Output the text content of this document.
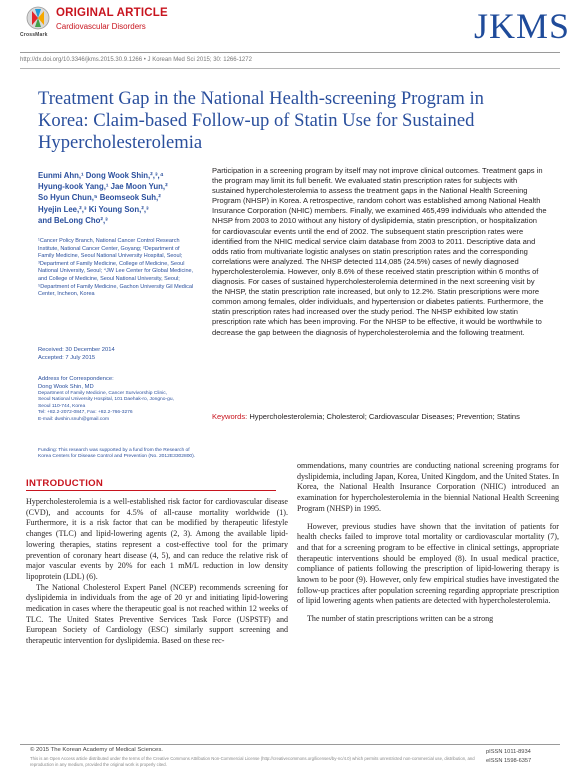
CrossMark
ORIGINAL ARTICLE
Cardiovascular Disorders	JKMS
http://dx.doi.org/10.3346/jkms.2015.30.9.1266 • J Korean Med Sci 2015; 30: 1266-1272
Treatment Gap in the National Health-screening Program in Korea: Claim-based Follow-up of Statin Use for Sustained Hypercholesterolemia
Eunmi Ahn,¹ Dong Wook Shin,²,³,⁴
Hyung-kook Yang,¹ Jae Moon Yun,²
So Hyun Chun,⁵ Beomseok Suh,²
Hyejin Lee,²,³ Ki Young Son,²,³
and BeLong Cho²,³
¹Cancer Policy Branch, National Cancer Control Research Institute, National Cancer Center, Goyang; ²Department of Family Medicine, Seoul National University Hospital, Seoul; ³Department of Family Medicine, College of Medicine, Seoul National University, Seoul; ⁴JW Lee Center for Global Medicine, and College of Medicine, Seoul National University, Seoul; ⁵Department of Family Medicine, Gachon University Gil Medical Center, Incheon, Korea
Received: 30 December 2014
Accepted: 7 July 2015
Address for Correspondence:
Dong Wook Shin, MD
Department of Family Medicine, Cancer Survivorship Clinic,
Seoul National University Hospital, 101 Daehak-ro, Jongno-gu,
Seoul 110-744, Korea
Tel: +82.2-2072-0847, Fax: +82.2-766-3276
E-mail: dwshin.snuh@gmail.com
Funding: This research was supported by a fund from the Research of Korea Centers for Disease Control and Prevention (No. 2012E3302800).
Participation in a screening program by itself may not improve clinical outcomes. Treatment gaps in the program may limit its full benefit. We evaluated statin prescription rates for subjects with sustained hypercholesterolemia to assess the treatment gaps in the National Health Screening Program (NHSP) in Korea. A retrospective, random cohort was established among National Health Insurance Corporation (NHIC) members. Finally, we examined 465,499 individuals who attended the NHSP from 2003 to 2010 without any history of dyslipidemia, statin prescription, or hospitalization for cardiovascular events until the end of 2002. The subsequent statin prescription rates were identified from the NHIC medical service claim database from 2003 to 2011. Descriptive data and odds ratio from multivariate logistic analyses on statin prescription rates and the corresponding correlations were analyzed. The NHSP detected 114,085 (24.5%) cases of newly diagnosed hypercholesterolemia. However, only 8.6% of these received statin prescription within 6 months of diagnosis. For cases of sustained hypercholesterolemia determined in the next screening visit by the NHSP, the statin prescription rate increased, but only to 12.2%. Statin prescriptions were more common among females, older individuals, and hypertension or diabetes patients. Furthermore, the statin prescription rates had increased over the study period. The NHSP exhibited low statin prescription rate which has been improving. For the NHSP to be effective, it would be worthwhile to decrease the gap between the diagnosis of hypercholesterolemia and the following treatment.
Keywords: Hypercholesterolemia; Cholesterol; Cardiovascular Diseases; Prevention; Statins
INTRODUCTION

Hypercholesterolemia is a well-established risk factor for cardiovascular disease (CVD), and accounts for 4.5% of all-cause mortality worldwide (1). Furthermore, it is a risk factor that can be modified by therapeutic lifestyle changes (TLC) and lipid-lowering agents (2, 3). Among the available lipid-lowering therapies, statins represent a cost-effective tool for the primary prevention of coronary heart disease (4, 5), and can reduce the relative risk of major vascular events by 20% for each 1 mM/L reduction in low density lipoprotein (LDL) (6).

The National Cholesterol Expert Panel (NCEP) recommends screening for dyslipidemia in individuals from the age of 20 yr and initiating lipid-lowering medication in cases where the therapeutic goal is not reached within 12 weeks of TLC. The United States Preventive Services Task Force (USPSTF) and European Society of Cardiology (ESC) similarly support screening and therapeutic intervention for dyslipidemia. Based on these rec-

ommendations, many countries are conducting national screening programs for dyslipidemia, including Japan, Korea, United Kingdom, and the United States. In Korea, the National Health Insurance Corporation (NHIC) introduced an examination for hypercholesterolemia in the biennial National Health Screening Program (NHSP) in 1995.

However, previous studies have shown that the invitation of patients for health checks failed to improve total mortality or cardiovascular mortality (7), and that for a screening program to be effective in clinical settings, appropriate therapeutic interventions should be employed (8). In usual medical practice, compliance of patients following the prescription of lipid-lowering therapy is known to be poor (9). However, only few empirical studies have investigated the follow-up practices after population screening regarding appropriate prescription of lipid lowering agents when patients are detected with hypercholesterolemia.

The number of statin prescriptions written can be a strong

© 2015 The Korean Academy of Medical Sciences.
This is an Open Access article distributed under the terms of the Creative Commons Attribution Non-Commercial License (http://creativecommons.org/licenses/by-nc/4.0) which permits unrestricted non-commercial use, distribution, and reproduction in any medium, provided the original work is properly cited.
pISSN 1011-8934
eISSN 1598-6357
